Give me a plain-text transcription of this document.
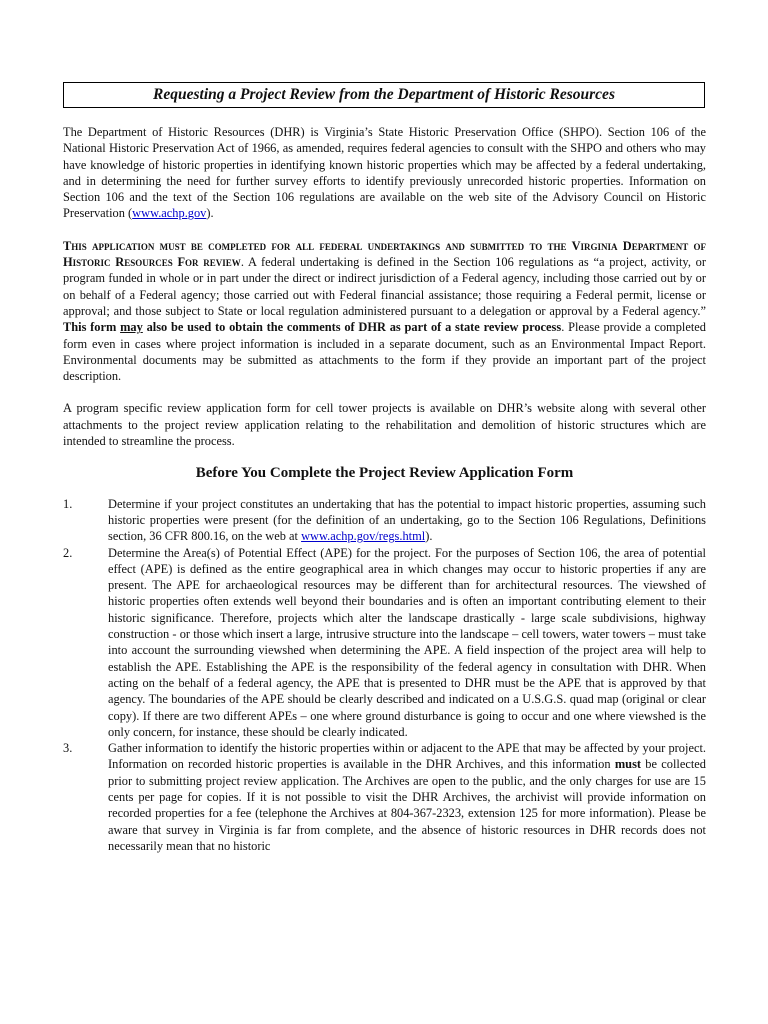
Requesting a Project Review from the Department of Historic Resources

The Department of Historic Resources (DHR) is Virginia’s State Historic Preservation Office (SHPO). Section 106 of the National Historic Preservation Act of 1966, as amended, requires federal agencies to consult with the SHPO and others who may have knowledge of historic properties in identifying known historic properties which may be affected by a federal undertaking, and in determining the need for further survey efforts to identify previously unrecorded historic properties. Information on Section 106 and the text of the Section 106 regulations are available on the web site of the Advisory Council on Historic Preservation (www.achp.gov).

This application must be completed for all federal undertakings and submitted to the Virginia Department of Historic Resources For review. A federal undertaking is defined in the Section 106 regulations as “a project, activity, or program funded in whole or in part under the direct or indirect jurisdiction of a Federal agency, including those carried out by or on behalf of a Federal agency; those carried out with Federal financial assistance; those requiring a Federal permit, license or approval; and those subject to State or local regulation administered pursuant to a delegation or approval by a Federal agency.” This form may also be used to obtain the comments of DHR as part of a state review process. Please provide a completed form even in cases where project information is included in a separate document, such as an Environmental Impact Report. Environmental documents may be submitted as attachments to the form if they provide an important part of the project description.

A program specific review application form for cell tower projects is available on DHR’s website along with several other attachments to the project review application relating to the rehabilitation and demolition of historic structures which are intended to streamline the process.

Before You Complete the Project Review Application Form
1.	Determine if your project constitutes an undertaking that has the potential to impact historic properties, assuming such historic properties were present (for the definition of an undertaking, go to the Section 106 Regulations, Definitions section, 36 CFR 800.16, on the web at www.achp.gov/regs.html).
2.	Determine the Area(s) of Potential Effect (APE) for the project. For the purposes of Section 106, the area of potential effect (APE) is defined as the entire geographical area in which changes may occur to historic properties if any are present. The APE for archaeological resources may be different than for architectural resources. The viewshed of historic properties often extends well beyond their boundaries and is often an important contributing element to their historic significance. Therefore, projects which alter the landscape drastically - large scale subdivisions, highway construction - or those which insert a large, intrusive structure into the landscape – cell towers, water towers – must take into account the surrounding viewshed when determining the APE. A field inspection of the project area will help to establish the APE. Establishing the APE is the responsibility of the federal agency in consultation with DHR. When acting on the behalf of a federal agency, the APE that is presented to DHR must be the APE that is approved by that agency. The boundaries of the APE should be clearly described and indicated on a U.S.G.S. quad map (original or clear copy). If there are two different APEs – one where ground disturbance is going to occur and one where viewshed is the only concern, for instance, these should be clearly indicated.
3.	Gather information to identify the historic properties within or adjacent to the APE that may be affected by your project. Information on recorded historic properties is available in the DHR Archives, and this information must be collected prior to submitting project review application. The Archives are open to the public, and the only charges for use are 15 cents per page for copies. If it is not possible to visit the DHR Archives, the archivist will provide information on recorded properties for a fee (telephone the Archives at 804-367-2323, extension 125 for more information). Please be aware that survey in Virginia is far from complete, and the absence of historic resources in DHR records does not necessarily mean that no historic
